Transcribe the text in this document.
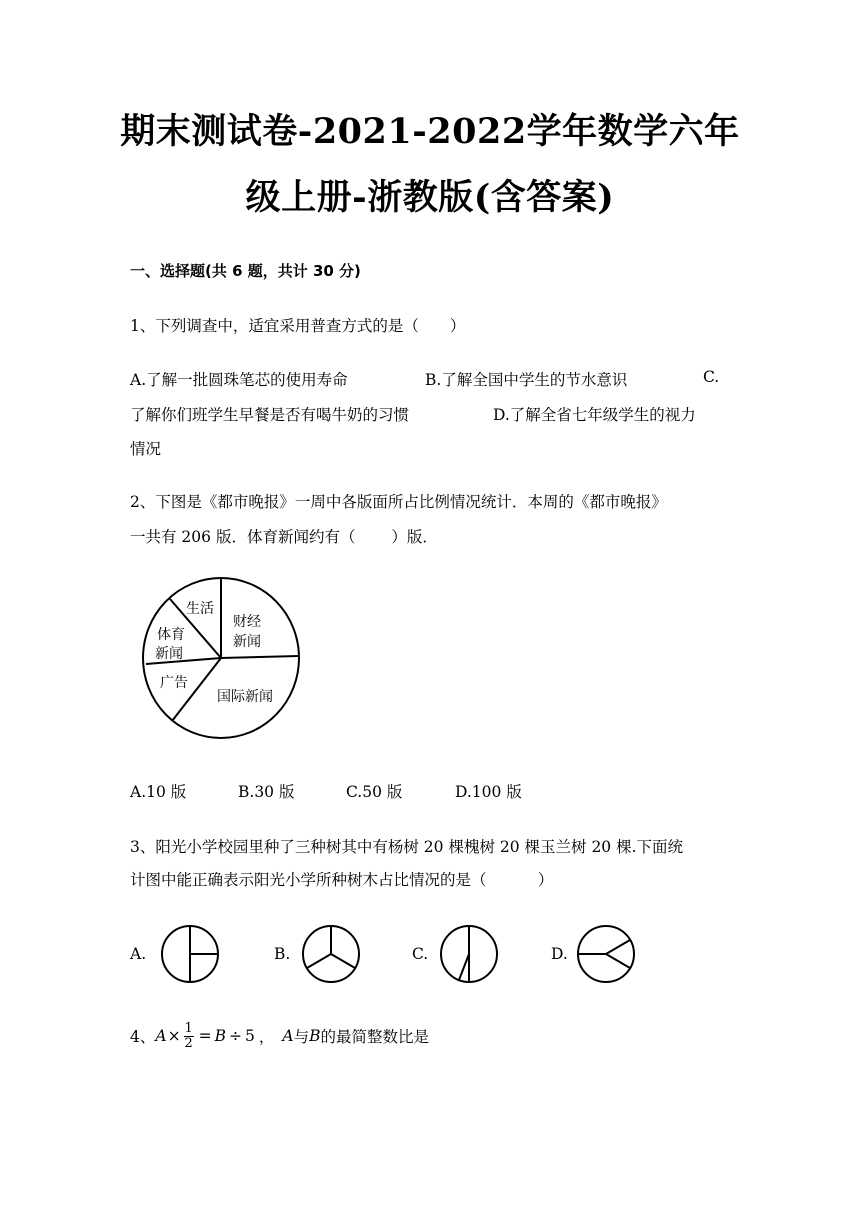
期末测试卷-2021-2022学年数学六年
级上册-浙教版(含答案)
一、选择题(共 6 题，共计 30 分)
1、下列调查中，适宜采用普查方式的是（　　）
A.了解一批圆珠笔芯的使用寿命	B.了解全国中学生的节水意识	C.
了解你们班学生早餐是否有喝牛奶的习惯	D.了解全省七年级学生的视力
情况
2、下图是《都市晚报》一周中各版面所占比例情况统计．本周的《都市晚报》
一共有 206 版．体育新闻约有（　　 ）版．
生活
财经
新闻
体育
新闻
广告
国际新闻
A.10 版	B.30 版	C.50 版	D.100 版
3、阳光小学校园里种了三种树其中有杨树 20 棵槐树 20 棵玉兰树 20 棵.下面统
计图中能正确表示阳光小学所种树木占比情况的是（　　　 ）
A.	B.	C.	D.
4、 A × 1
2 = B ÷ 5 ， A 与 B 的最简整数比是
